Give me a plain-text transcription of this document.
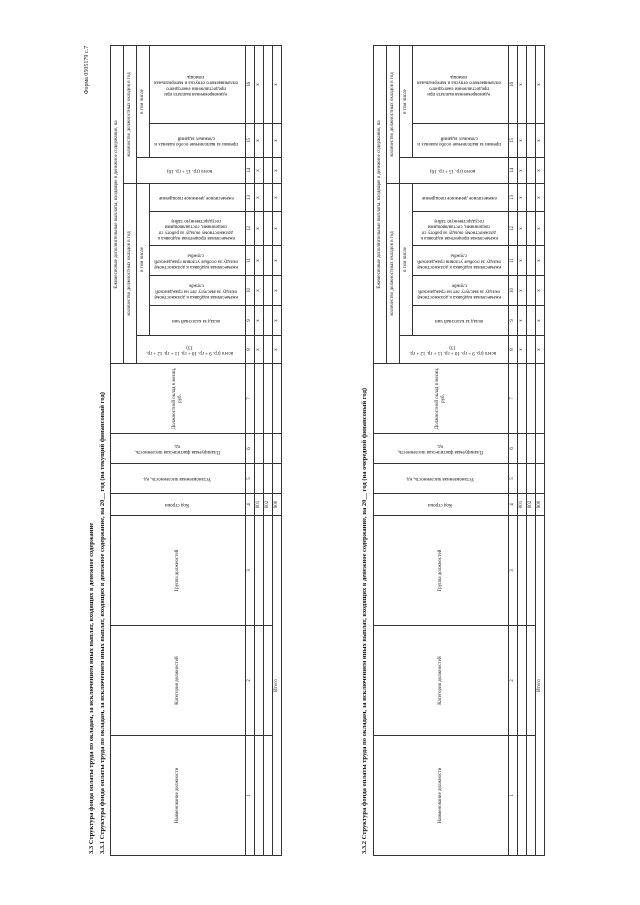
Форма 0505179 с.7
3.3 Структура фонда оплаты труда по окладам, за исключением иных выплат, входящих в денежное содержание 3.3.1 Структура фонда оплаты труда по окладам, за исключением иных выплат, входящих в денежное содержание, на 20__ год (на текущий финансовый год)	Наименование должности	Категория должностей	Группа должностей	Код строки	Установленная численность, ед.	Планируемая фактическая численность, ед.	Должностной оклад в месяц, руб.	Ежемесячные дополнительные выплаты, входящие в денежное содержание, на								
							количество должностных окладов в год						количество должностных окладов в год		
							всего (гр. 9 + гр. 10 + гр. 11 + гр. 12 + гр. 13)	в том числе					всего (гр. 15 + гр. 16)	в том числе	
								оклад за классный чин	ежемесячная надбавка к должностному окладу за выслугу лет на гражданской службе	ежемесячная надбавка к должностному окладу за особые условия гражданской службы	ежемесячная процентная надбавка к должностному окладу за работу со сведениями, составляющими государственную тайну	ежемесячное денежное поощрение		премии за выполнение особо важных и сложных заданий	единовременная выплата при предоставлении ежегодного оплачиваемого отпуска и материальная помощь
1	2	3	4	5	6	7	8	9	10	11	12	13	14	15	16
			001				x	x	x	x	x	x	x	x	x
			002												
Итого			900				x	x	x	x	x	x	x	x	x
3.3.2 Структура фонда оплаты труда по окладам, за исключением иных выплат, входящих в денежное содержание, на 20__ год (на очередной финансовый год)	Наименование должности	Категория должностей	Группа должностей	Код строки	Установленная численность, ед.	Планируемая фактическая численность, ед.	Должностной оклад в месяц, руб.	Ежемесячные дополнительные выплаты, входящие в денежное содержание, на								
							количество должностных окладов в год						количество должностных окладов в год		
							всего (гр. 9 + гр. 10 + гр. 11 + гр. 12 + гр. 13)	в том числе					всего (гр. 15 + гр. 16)	в том числе	
								оклад за классный чин	ежемесячная надбавка к должностному окладу за выслугу лет на гражданской службе	ежемесячная надбавка к должностному окладу за особые условия гражданской службы	ежемесячная процентная надбавка к должностному окладу за работу со сведениями, составляющими государственную тайну	ежемесячное денежное поощрение		премии за выполнение особо важных и сложных заданий	единовременная выплата при предоставлении ежегодного оплачиваемого отпуска и материальная помощь
1	2	3	4	5	6	7	8	9	10	11	12	13	14	15	16
			001				x	x	x	x	x	x	x	x	x
			002												
Итого			900				x	x	x	x	x	x	x	x	x
